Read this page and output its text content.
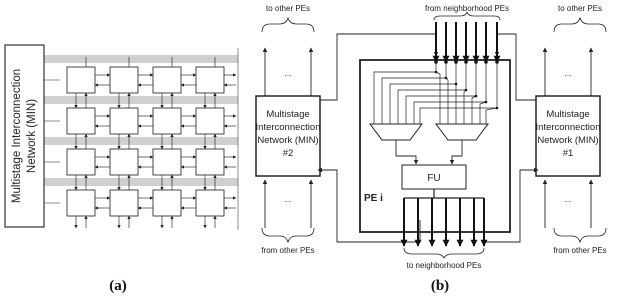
Multistage Interconnection Network (MIN)
(a)
to other PEs	from neighborhood PEs	to other PEs
from other PEs
to neighborhood PEs
from other PEs
Multistage
Interconnection
Network (MIN)
#2
Multistage
Interconnection
Network (MIN)
#1
FU
PE i
...	...
...	...
(b)
